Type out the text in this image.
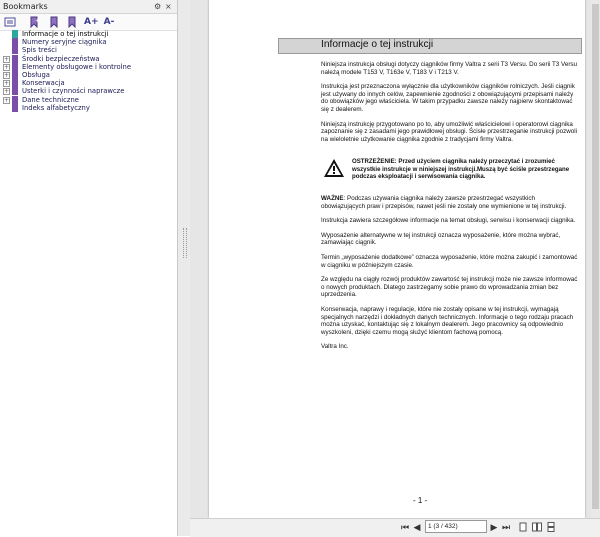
Bookmarks	⚙ ×
+	A+ A-
Informacje o tej instrukcji
Numery seryjne ciągnika
Spis treści
+ Środki bezpieczeństwa
+ Elementy obsługowe i kontrolne
+ Obsługa
+ Konserwacja
+ Usterki i czynności naprawcze
+ Dane techniczne
Indeks alfabetyczny
Informacje o tej instrukcji

Niniejsza instrukcja obsługi dotyczy ciągników firmy Valtra z serii T3 Versu. Do serii T3 Versu należą modele T153 V, T163e V, T183 V i T213 V.

Instrukcja jest przeznaczona wyłącznie dla użytkowników ciągników rolniczych. Jeśli ciągnik jest używany do innych celów, zapewnienie zgodności z obowiązującymi przepisami należy do obowiązków jego właściciela. W takim przypadku zawsze należy najpierw skontaktować się z dealerem.

Niniejszą instrukcję przygotowano po to, aby umożliwić właścicielowi i operatorowi ciągnika zapoznanie się z zasadami jego prawidłowej obsługi. Ścisłe przestrzeganie instrukcji pozwoli na wieloletnie użytkowanie ciągnika zgodnie z tradycjami firmy Valtra.

OSTRZEŻENIE: Przed użyciem ciągnika należy przeczytać i zrozumieć wszystkie instrukcje w niniejszej instrukcji.Muszą być ściśle przestrzegane podczas eksploatacji i serwisowania ciągnika.

WAŻNE: Podczas używania ciągnika należy zawsze przestrzegać wszystkich obowiązujących praw i przepisów, nawet jeśli nie zostały one wymienione w tej instrukcji.

Instrukcja zawiera szczegółowe informacje na temat obsługi, serwisu i konserwacji ciągnika.

Wyposażenie alternatywne w tej instrukcji oznacza wyposażenie, które można wybrać, zamawiając ciągnik.

Termin „wyposażenie dodatkowe” oznacza wyposażenie, które można zakupić i zamontować w ciągniku w późniejszym czasie.

Ze względu na ciągły rozwój produktów zawartość tej instrukcji może nie zawsze informować o nowych produktach. Dlatego zastrzegamy sobie prawo do wprowadzania zmian bez uprzedzenia.

Konserwacja, naprawy i regulacje, które nie zostały opisane w tej instrukcji, wymagają specjalnych narzędzi i dokładnych danych technicznych. Informacje o tego rodzaju pracach można uzyskać, kontaktując się z lokalnym dealerem. Jego pracownicy są odpowiednio wyszkoleni, dzięki czemu mogą służyć klientom fachową pomocą.

Valtra Inc.

- 1 -
⏮ ◀	▶ ⏭
1 (3 / 432)
